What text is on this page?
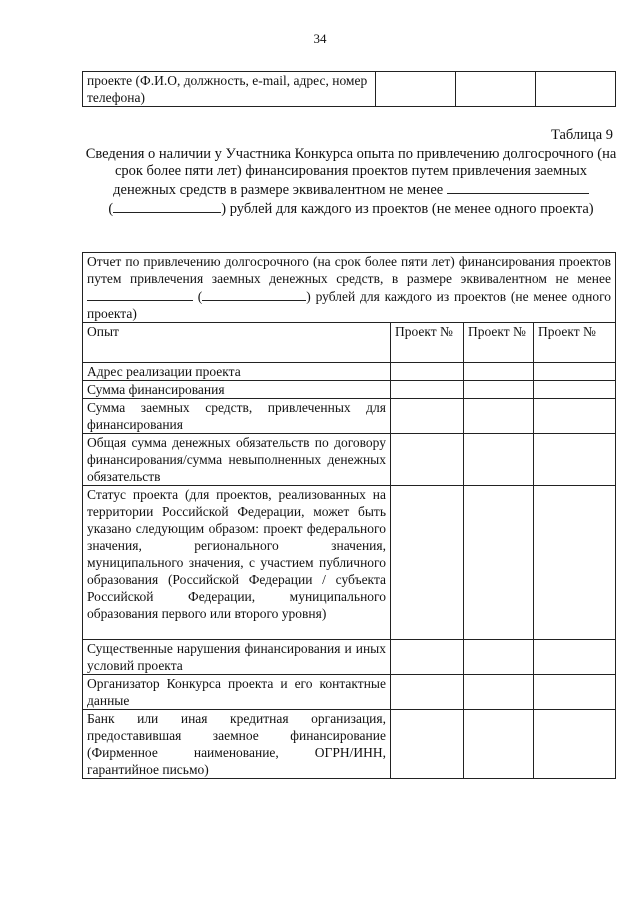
34
проекте (Ф.И.О, должность, e-mail, адрес, номер телефона)			
Таблица 9
Сведения о наличии у Участника Конкурса опыта по привлечению долгосрочного (на срок более пяти лет) финансирования проектов путем привлечения заемных денежных средств в размере эквивалентном не менее  (	) рублей для каждого из проектов (не менее одного проекта)
Отчет по привлечению долгосрочного (на срок более пяти лет) финансирования проектов путем привлечения заемных денежных средств, в размере эквивалентном не менее  ( ) рублей для каждого из проектов (не менее одного проекта)			
Опыт	Проект №	Проект №	Проект №
Адрес реализации проекта			
Сумма финансирования			
Сумма заемных средств, привлеченных для финансирования			
Общая сумма денежных обязательств по договору финансирования/сумма невыполненных денежных обязательств			
Статус проекта (для проектов, реализованных на территории Российской Федерации, может быть указано следующим образом: проект федерального значения, регионального значения, муниципального значения, с участием публичного образования (Российской Федерации / субъекта Российской Федерации, муниципального образования первого или второго уровня)			
Существенные нарушения финансирования и иных условий проекта			
Организатор Конкурса проекта и его контактные данные			
Банк или иная кредитная организация, предоставившая заемное финансирование (Фирменное наименование, ОГРН/ИНН, гарантийное письмо)			
